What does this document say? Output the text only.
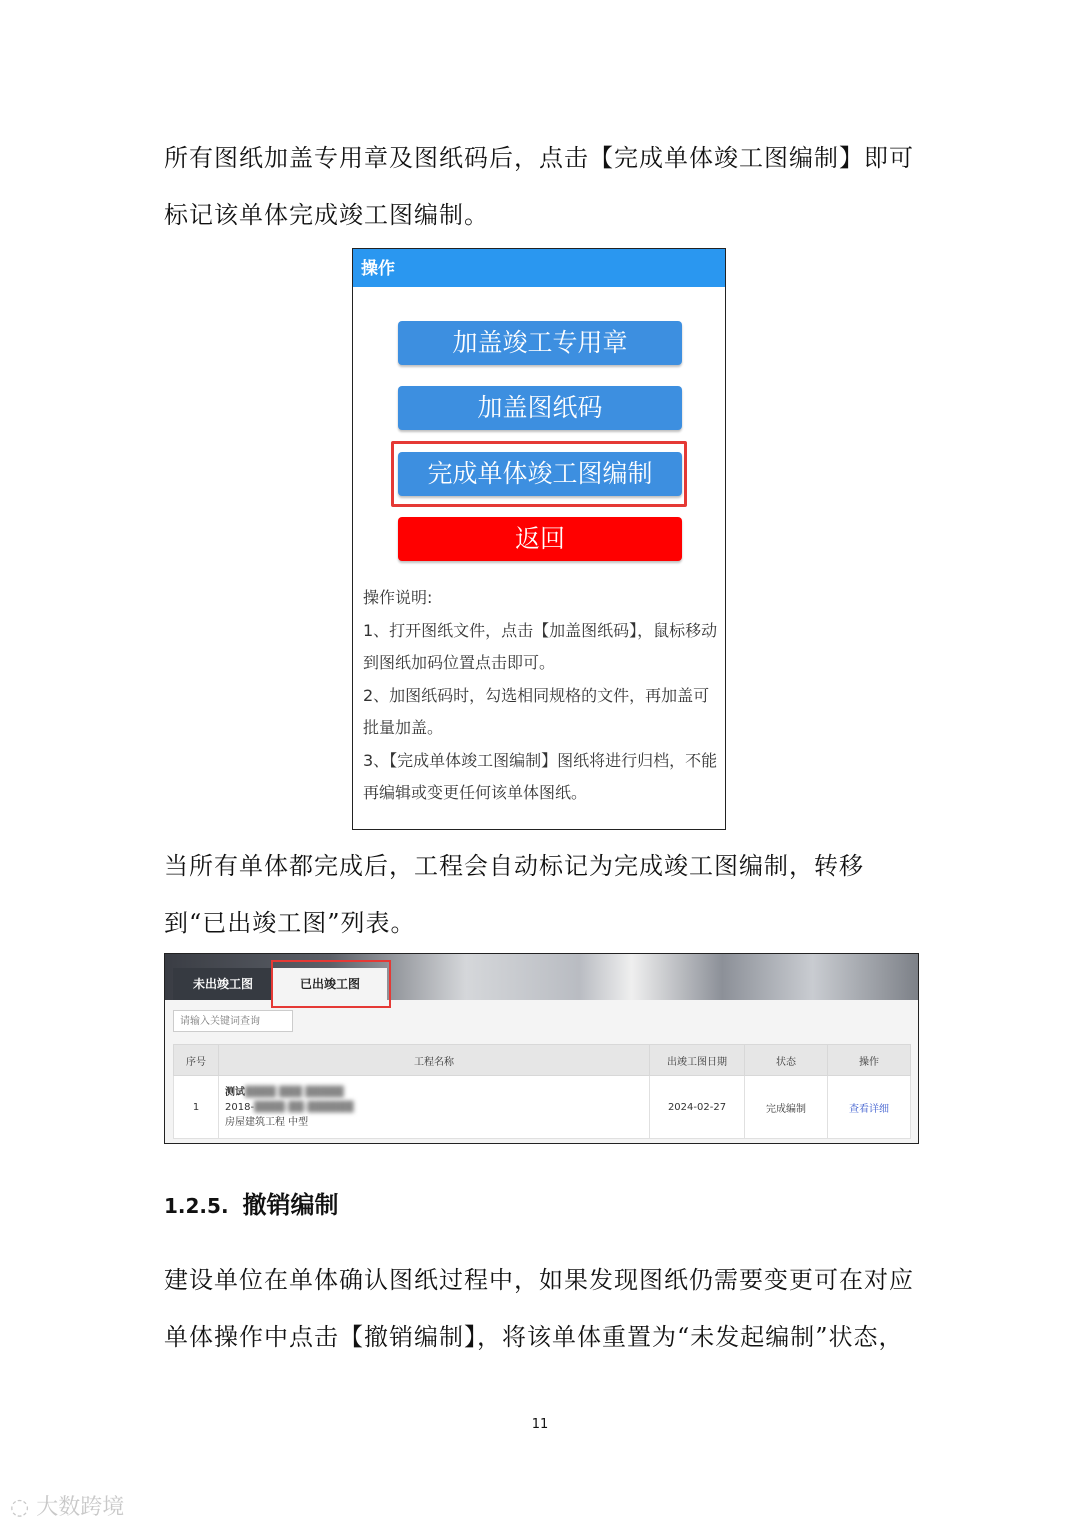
所有图纸加盖专用章及图纸码后，点击【完成单体竣工图编制】即可标记该单体完成竣工图编制。

操作
加盖竣工专用章
加盖图纸码
完成单体竣工图编制
返回
操作说明:
1、打开图纸文件，点击【加盖图纸码】，鼠标移动到图纸加码位置点击即可。
2、加图纸码时，勾选相同规格的文件，再加盖可批量加盖。
3、【完成单体竣工图编制】图纸将进行归档，不能再编辑或变更任何该单体图纸。

当所有单体都完成后，工程会自动标记为完成竣工图编制，转移到“已出竣工图”列表。

未出竣工图	已出竣工图
请输入关键词查询
序号	工程名称	出竣工图日期	状态	操作
1	测试████ ███ █████
2018-████-██-██████
房屋建筑工程 中型	2024-02-27	完成编制	查看详细
1.2.5. 撤销编制

建设单位在单体确认图纸过程中，如果发现图纸仍需要变更可在对应单体操作中点击【撤销编制】，将该单体重置为“未发起编制”状态，

11
◌ 大数跨境
